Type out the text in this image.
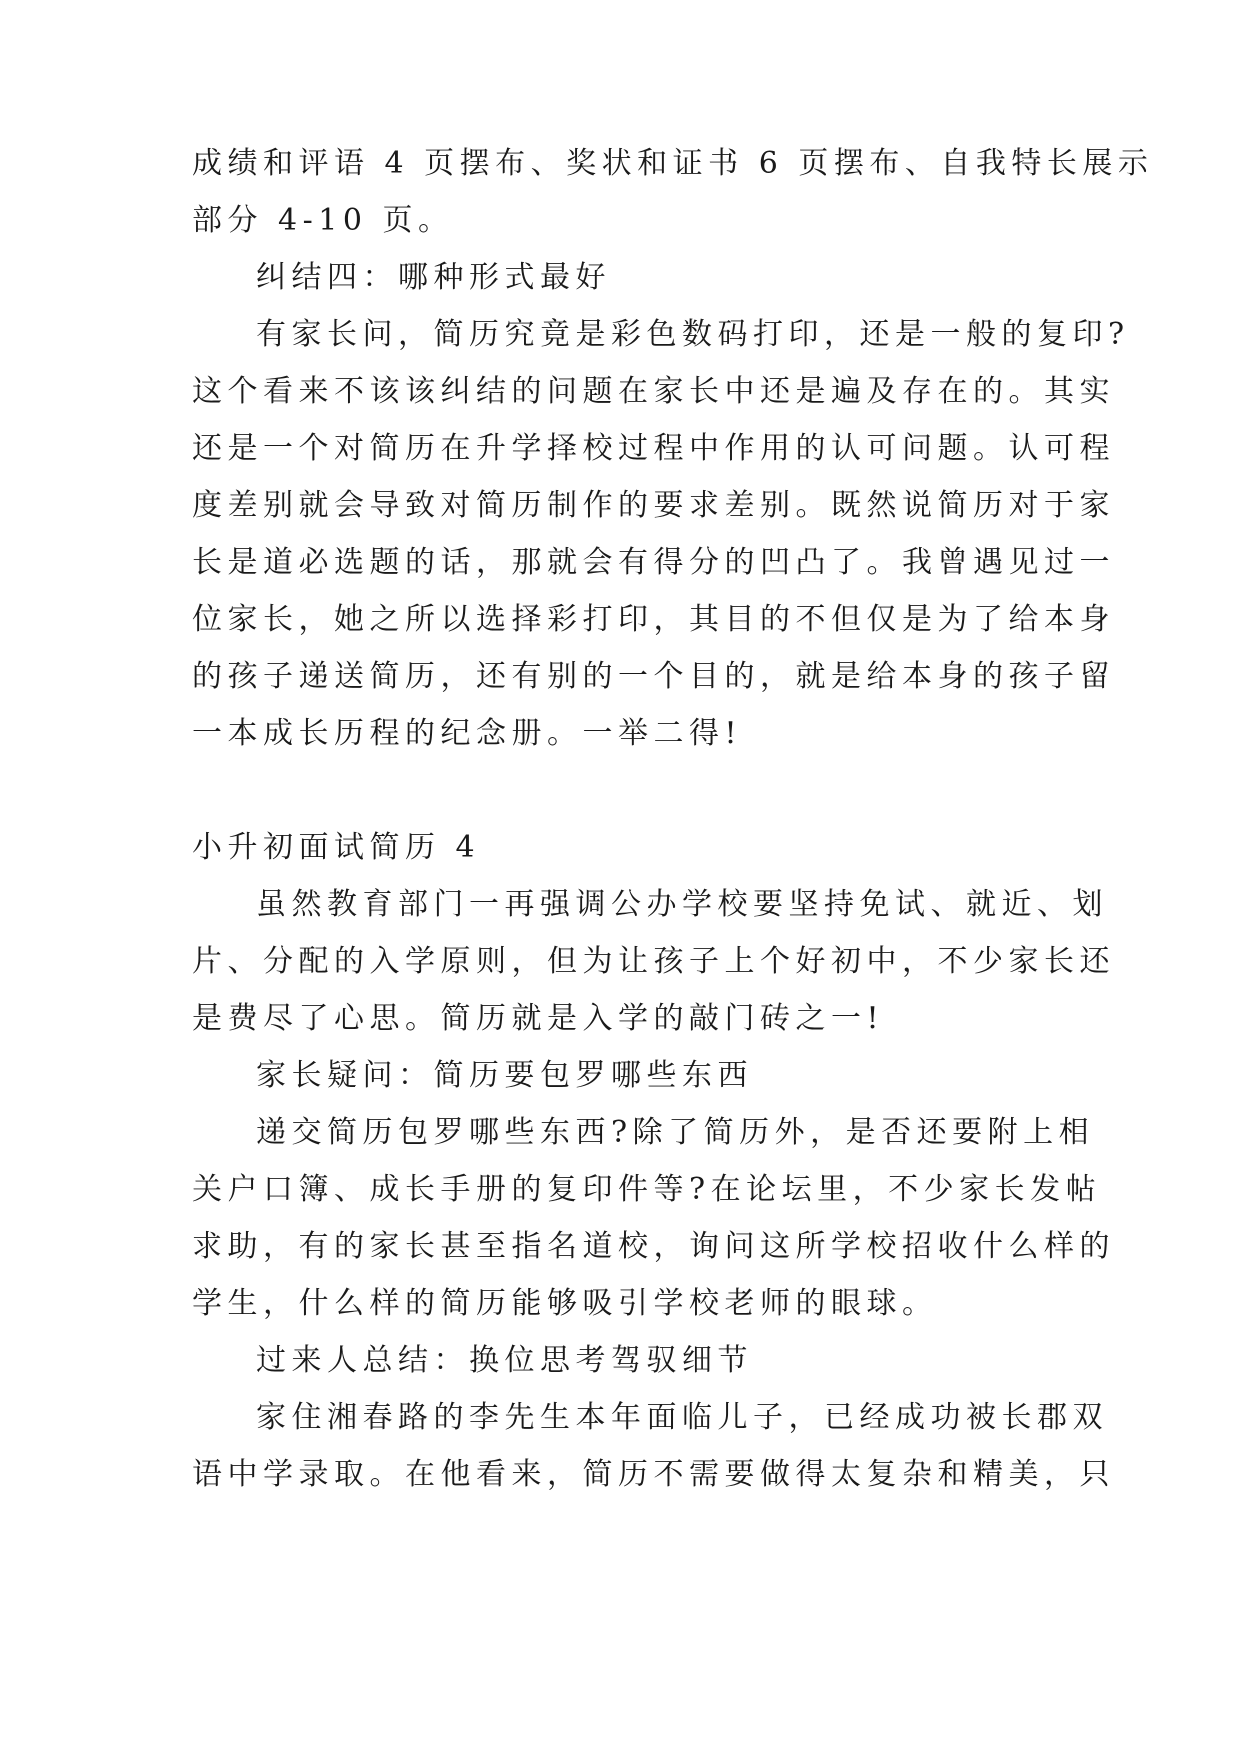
成绩和评语 4 页摆布、奖状和证书 6 页摆布、自我特长展示
部分 4-10 页。
纠结四：哪种形式最好
有家长问，简历究竟是彩色数码打印，还是一般的复印?
这个看来不该该纠结的问题在家长中还是遍及存在的。其实
还是一个对简历在升学择校过程中作用的认可问题。认可程
度差别就会导致对简历制作的要求差别。既然说简历对于家
长是道必选题的话，那就会有得分的凹凸了。我曾遇见过一
位家长，她之所以选择彩打印，其目的不但仅是为了给本身
的孩子递送简历，还有别的一个目的，就是给本身的孩子留
一本成长历程的纪念册。一举二得!
小升初面试简历 4
虽然教育部门一再强调公办学校要坚持免试、就近、划
片、分配的入学原则，但为让孩子上个好初中，不少家长还
是费尽了心思。简历就是入学的敲门砖之一!
家长疑问：简历要包罗哪些东西
递交简历包罗哪些东西?除了简历外，是否还要附上相
关户口簿、成长手册的复印件等?在论坛里，不少家长发帖
求助，有的家长甚至指名道校，询问这所学校招收什么样的
学生，什么样的简历能够吸引学校老师的眼球。
过来人总结：换位思考驾驭细节
家住湘春路的李先生本年面临儿子，已经成功被长郡双
语中学录取。在他看来，简历不需要做得太复杂和精美，只
